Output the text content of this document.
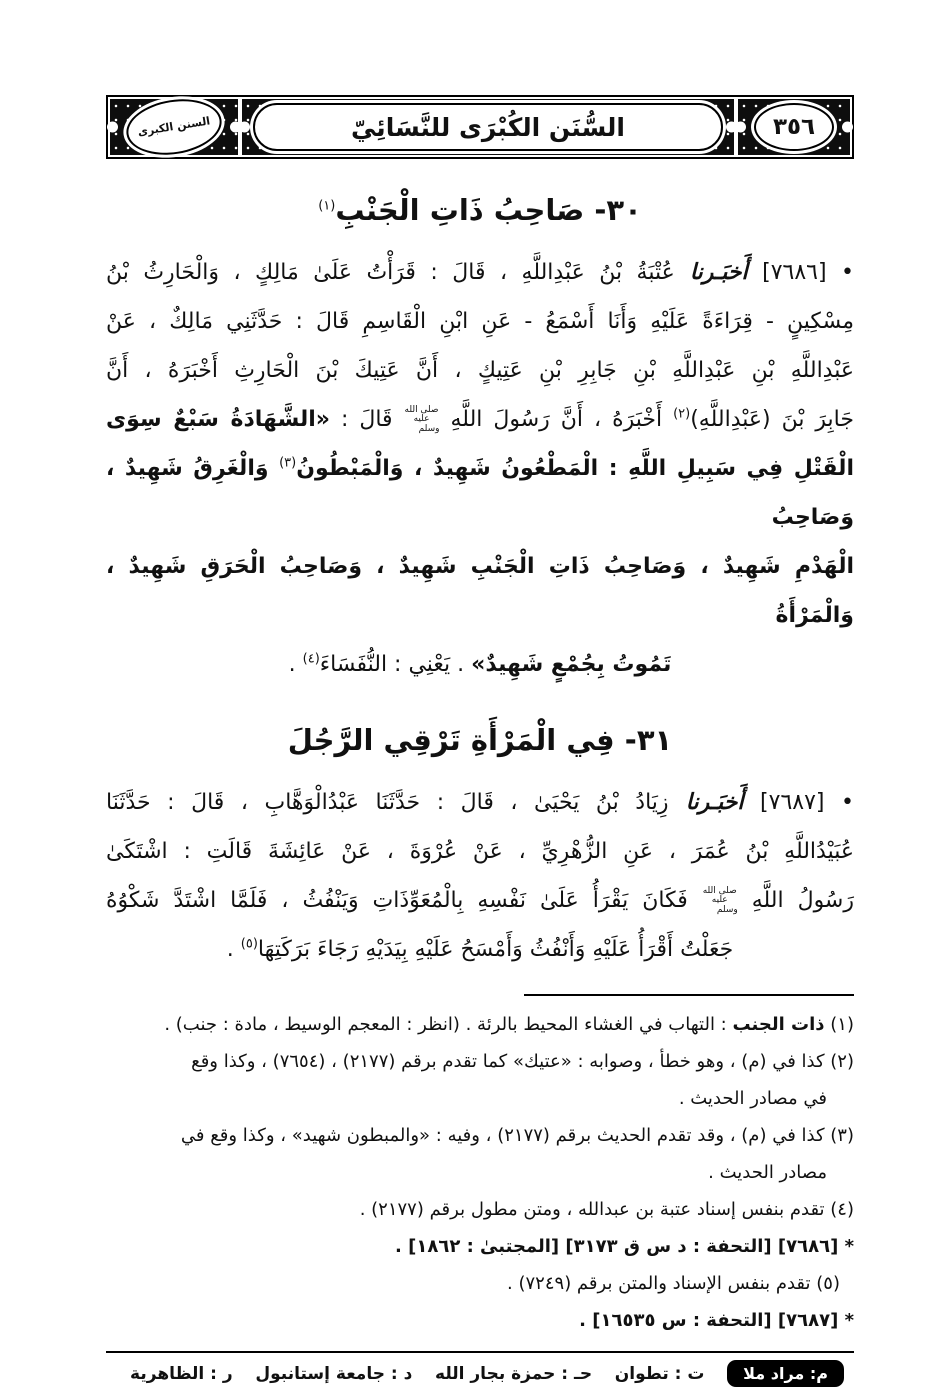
٣٥٦
السُّنَن الكُبْرَى للنَّسَائِيّ
السنن الكبرى
٣٠- صَاحِبُ ذَاتِ الْجَنْبِ$^{(١)}$
• [٧٦٨٦] أَخبَـرنا عُتْبَةُ بْنُ عَبْدِاللَّهِ ، قَالَ : قَرَأْتُ عَلَىٰ مَالِكٍ ، وَالْحَارِثُ بْنُ
مِسْكِينٍ - قِرَاءَةً عَلَيْهِ وَأَنَا أَسْمَعُ - عَنِ ابْنِ الْقَاسِمِ قَالَ : حَدَّثَنِي مَالِكٌ ، عَنْ
عَبْدِاللَّهِ بْنِ عَبْدِاللَّهِ بْنِ جَابِرِ بْنِ عَتِيكٍ ، أَنَّ عَتِيكَ بْنَ الْحَارِثِ أَخْبَرَهُ ، أَنَّ
جَابِرَ بْنَ (عَبْدِاللَّهِ)$^{(٢)}$ أَخْبَرَهُ ، أَنَّ رَسُولَ اللَّهِ صلى الله عليه وسلم قَالَ : «الشَّهَادَةُ سَبْعٌ سِوَى
الْقَتْلِ فِي سَبِيلِ اللَّهِ : الْمَطْعُونُ شَهِيدٌ ، وَالْمَبْطُونُ$^{(٣)}$ وَالْغَرِقُ شَهِيدٌ ، وَصَاحِبُ
الْهَدْمِ شَهِيدٌ ، وَصَاحِبُ ذَاتِ الْجَنْبِ شَهِيدٌ ، وَصَاحِبُ الْحَرَقِ شَهِيدٌ ، وَالْمَرْأَةُ
تَمُوتُ بِجُمْعٍ شَهِيدٌ» . يَعْنِي : النُّفَسَاءَ$^{(٤)}$ .
٣١- فِي الْمَرْأَةِ تَرْقِي الرَّجُلَ
• [٧٦٨٧] أَخبَـرنا زِيَادُ بْنُ يَحْيَىٰ ، قَالَ : حَدَّثَنَا عَبْدُالْوَهَّابِ ، قَالَ : حَدَّثَنَا
عُبَيْدُاللَّهِ بْنُ عُمَرَ ، عَنِ الزُّهْرِيِّ ، عَنْ عُرْوَةَ ، عَنْ عَائِشَةَ قَالَتِ : اشْتَكَىٰ
رَسُولُ اللَّهِ صلى الله عليه وسلم فَكَانَ يَقْرَأُ عَلَىٰ نَفْسِهِ بِالْمُعَوِّذَاتِ وَيَنْفُثُ ، فَلَمَّا اشْتَدَّ شَكْوُهُ
جَعَلْتُ أَقْرَأُ عَلَيْهِ وَأَنْفُثُ وَأَمْسَحُ عَلَيْهِ بِيَدَيْهِ رَجَاءَ بَرَكَتِهَا$^{(٥)}$ .
(١) ذات الجنب : التهاب في الغشاء المحيط بالرئة . (انظر : المعجم الوسيط ، مادة : جنب) .
(٢) كذا في (م) ، وهو خطأ ، وصوابه : «عتيك» كما تقدم برقم (٢١٧٧) ، (٧٦٥٤) ، وكذا وقع
في مصادر الحديث .
(٣) كذا في (م) ، وقد تقدم الحديث برقم (٢١٧٧) ، وفيه : «والمبطون شهيد» ، وكذا وقع في
مصادر الحديث .
(٤) تقدم بنفس إسناد عتبة بن عبدالله ، ومتن مطول برقم (٢١٧٧) .
* [٧٦٨٦] [التحفة : د س ق ٣١٧٣] [المجتبىٰ : ١٨٦٢] .
(٥) تقدم بنفس الإسناد والمتن برقم (٧٢٤٩) .
* [٧٦٨٧] [التحفة : س ١٦٥٣٥] .
م: مراد ملا
ت : تطوان
حـ : حمزة بجار الله
د : جامعة إستانبول
ر : الظاهرية
